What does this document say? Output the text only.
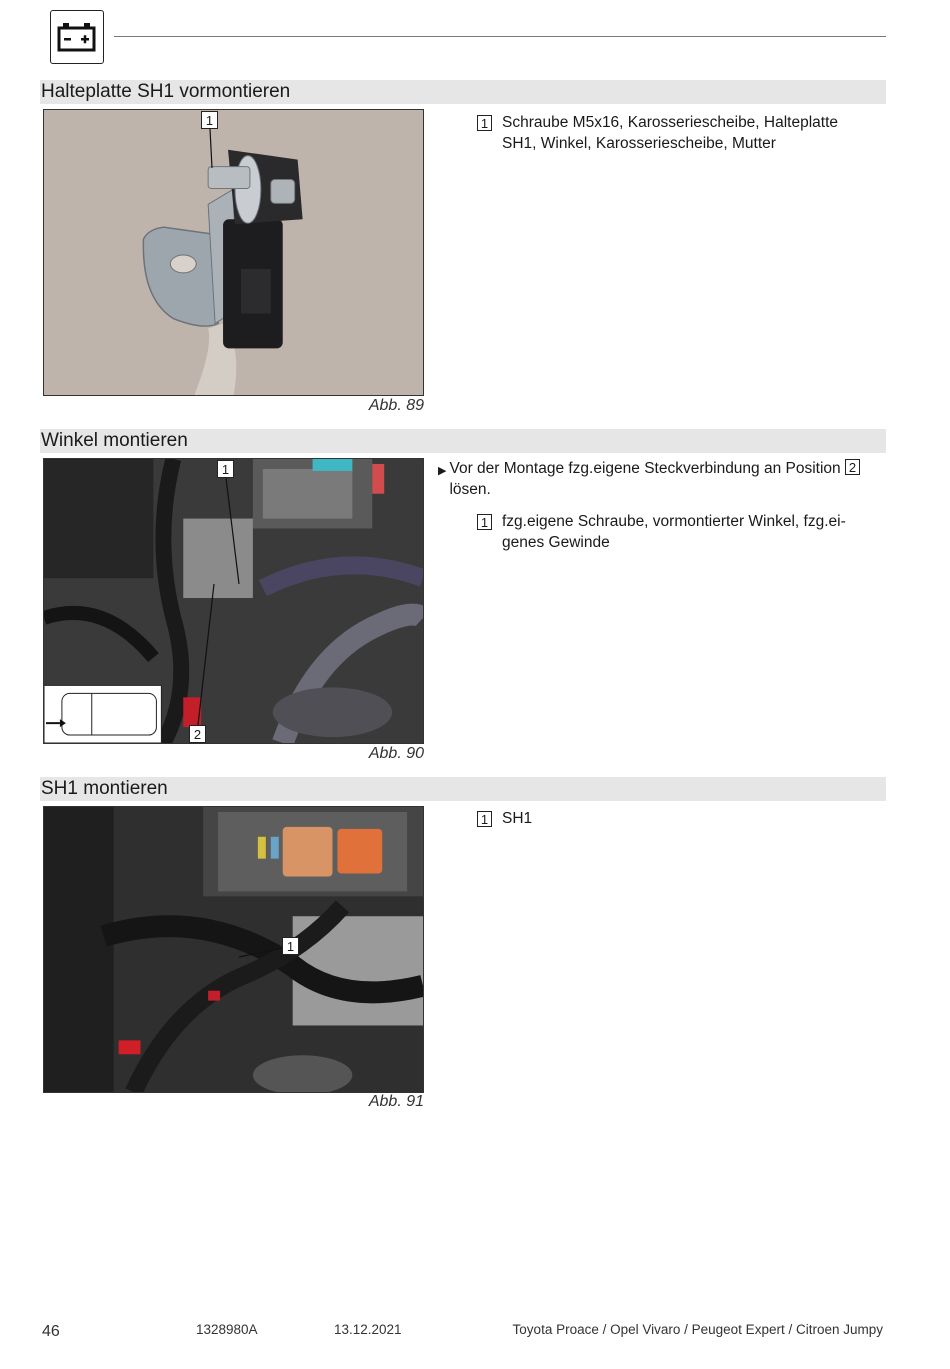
Halteplatte SH1 vormontieren
1
Abb. 89
1 Schraube M5x16, Karosseriescheibe, Halteplatte SH1, Winkel, Karosseriescheibe, Mutter
Winkel montieren
1
2
Abb. 90
▶ Vor der Montage fzg.eigene Steckverbindung an Position 2
lösen.
1 fzg.eigene Schraube, vormontierter Winkel, fzg.ei-genes Gewinde
SH1 montieren
1
Abb. 91
1 SH1
46	1328980A	13.12.2021	Toyota Proace / Opel Vivaro / Peugeot Expert / Citroen Jumpy
